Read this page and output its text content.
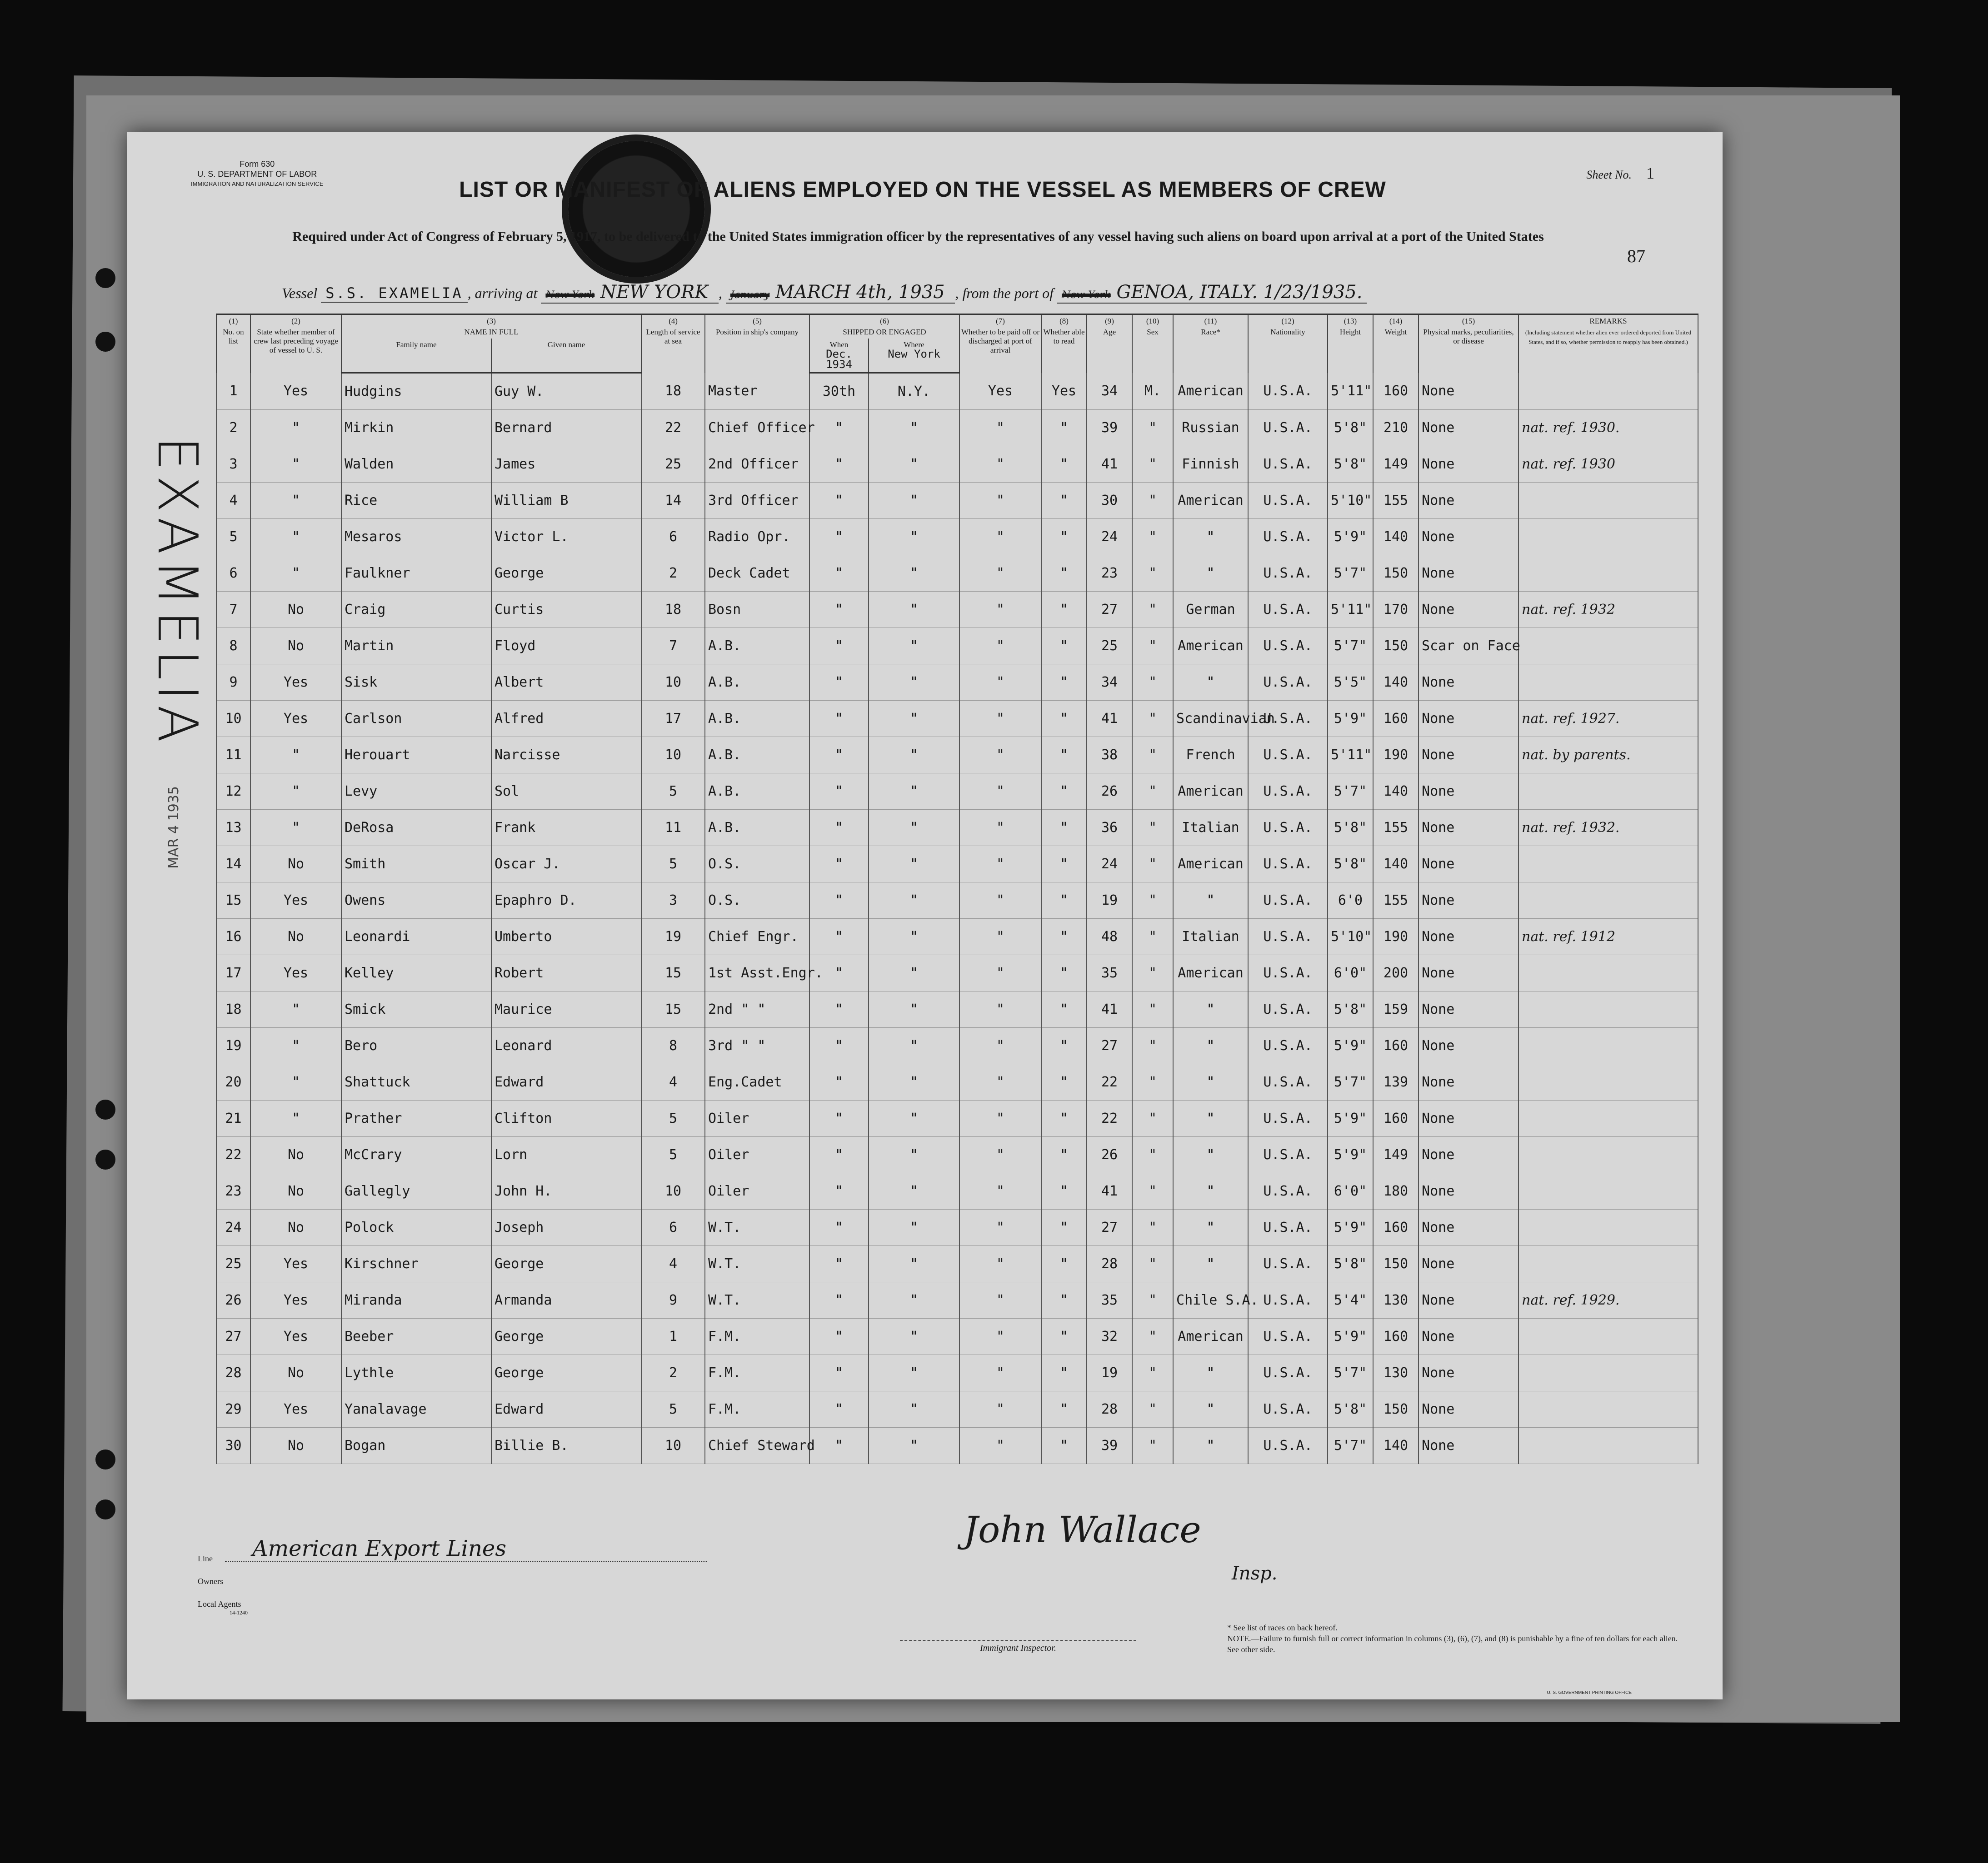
Form 630
U. S. DEPARTMENT OF LABOR
IMMIGRATION AND NATURALIZATION SERVICE
Sheet No. 1
LIST OR MANIFEST OF ALIENS EMPLOYED ON THE VESSEL AS MEMBERS OF CREW
Required under Act of Congress of February 5, 1917, to be delivered to the United States immigration officer by the representatives of any vessel having such aliens on board upon arrival at a port of the United States
87
Vessel S.S. EXAMELIA , arriving at New York NEW YORK , January MARCH 4th, 1935 , from the port of New York GENOA, ITALY. 1/23/1935.
EXAMELIA
MAR 4 1935
(1)
No. on list	(2)
State whether member of crew last preceding voyage of vessel to U. S.	(3)
NAME IN FULL		(4)
Length of service at sea	(5)
Position in ship's company	(6)
SHIPPED OR ENGAGED		(7)
Whether to be paid off or discharged at port of arrival	(8)
Whether able to read	(9)
Age	(10)
Sex	(11)
Race*	(12)
Nationality	(13)
Height	(14)
Weight	(15)
Physical marks, peculiarities, or disease	REMARKS
(Including statement whether alien ever ordered deported from United States, and if so, whether permission to reapply has been obtained.)
		Family name	Given name			When
Dec. 1934	Where
New York										
1	Yes	Hudgins	Guy W.	18	Master	30th	N.Y.	Yes	Yes	34	M.	American	U.S.A.	5'11"	160	None	
2	"	Mirkin	Bernard	22	Chief Officer	"	"	"	"	39	"	Russian	U.S.A.	5'8"	210	None	nat. ref. 1930.
3	"	Walden	James	25	2nd Officer	"	"	"	"	41	"	Finnish	U.S.A.	5'8"	149	None	nat. ref. 1930
4	"	Rice	William B	14	3rd Officer	"	"	"	"	30	"	American	U.S.A.	5'10"	155	None	
5	"	Mesaros	Victor L.	6	Radio Opr.	"	"	"	"	24	"	"	U.S.A.	5'9"	140	None	
6	"	Faulkner	George	2	Deck Cadet	"	"	"	"	23	"	"	U.S.A.	5'7"	150	None	
7	No	Craig	Curtis	18	Bosn	"	"	"	"	27	"	German	U.S.A.	5'11"	170	None	nat. ref. 1932
8	No	Martin	Floyd	7	A.B.	"	"	"	"	25	"	American	U.S.A.	5'7"	150	Scar on Face	
9	Yes	Sisk	Albert	10	A.B.	"	"	"	"	34	"	"	U.S.A.	5'5"	140	None	
10	Yes	Carlson	Alfred	17	A.B.	"	"	"	"	41	"	Scandinavian	U.S.A.	5'9"	160	None	nat. ref. 1927.
11	"	Herouart	Narcisse	10	A.B.	"	"	"	"	38	"	French	U.S.A.	5'11"	190	None	nat. by parents.
12	"	Levy	Sol	5	A.B.	"	"	"	"	26	"	American	U.S.A.	5'7"	140	None	
13	"	DeRosa	Frank	11	A.B.	"	"	"	"	36	"	Italian	U.S.A.	5'8"	155	None	nat. ref. 1932.
14	No	Smith	Oscar J.	5	O.S.	"	"	"	"	24	"	American	U.S.A.	5'8"	140	None	
15	Yes	Owens	Epaphro D.	3	O.S.	"	"	"	"	19	"	"	U.S.A.	6'0	155	None	
16	No	Leonardi	Umberto	19	Chief Engr.	"	"	"	"	48	"	Italian	U.S.A.	5'10"	190	None	nat. ref. 1912
17	Yes	Kelley	Robert	15	1st Asst.Engr.	"	"	"	"	35	"	American	U.S.A.	6'0"	200	None	
18	"	Smick	Maurice	15	2nd " "	"	"	"	"	41	"	"	U.S.A.	5'8"	159	None	
19	"	Bero	Leonard	8	3rd " "	"	"	"	"	27	"	"	U.S.A.	5'9"	160	None	
20	"	Shattuck	Edward	4	Eng.Cadet	"	"	"	"	22	"	"	U.S.A.	5'7"	139	None	
21	"	Prather	Clifton	5	Oiler	"	"	"	"	22	"	"	U.S.A.	5'9"	160	None	
22	No	McCrary	Lorn	5	Oiler	"	"	"	"	26	"	"	U.S.A.	5'9"	149	None	
23	No	Gallegly	John H.	10	Oiler	"	"	"	"	41	"	"	U.S.A.	6'0"	180	None	
24	No	Polock	Joseph	6	W.T.	"	"	"	"	27	"	"	U.S.A.	5'9"	160	None	
25	Yes	Kirschner	George	4	W.T.	"	"	"	"	28	"	"	U.S.A.	5'8"	150	None	
26	Yes	Miranda	Armanda	9	W.T.	"	"	"	"	35	"	Chile S.A.	U.S.A.	5'4"	130	None	nat. ref. 1929.
27	Yes	Beeber	George	1	F.M.	"	"	"	"	32	"	American	U.S.A.	5'9"	160	None	
28	No	Lythle	George	2	F.M.	"	"	"	"	19	"	"	U.S.A.	5'7"	130	None	
29	Yes	Yanalavage	Edward	5	F.M.	"	"	"	"	28	"	"	U.S.A.	5'8"	150	None	
30	No	Bogan	Billie B.	10	Chief Steward	"	"	"	"	39	"	"	U.S.A.	5'7"	140	None	
Line	American Export Lines
Owners
Local Agents
14-1240
John Wallace
Insp.
Immigrant Inspector.
* See list of races on back hereof.
NOTE.—Failure to furnish full or correct information in columns (3), (6), (7), and (8) is punishable by a fine of ten dollars for each alien. See other side.
U. S. GOVERNMENT PRINTING OFFICE
